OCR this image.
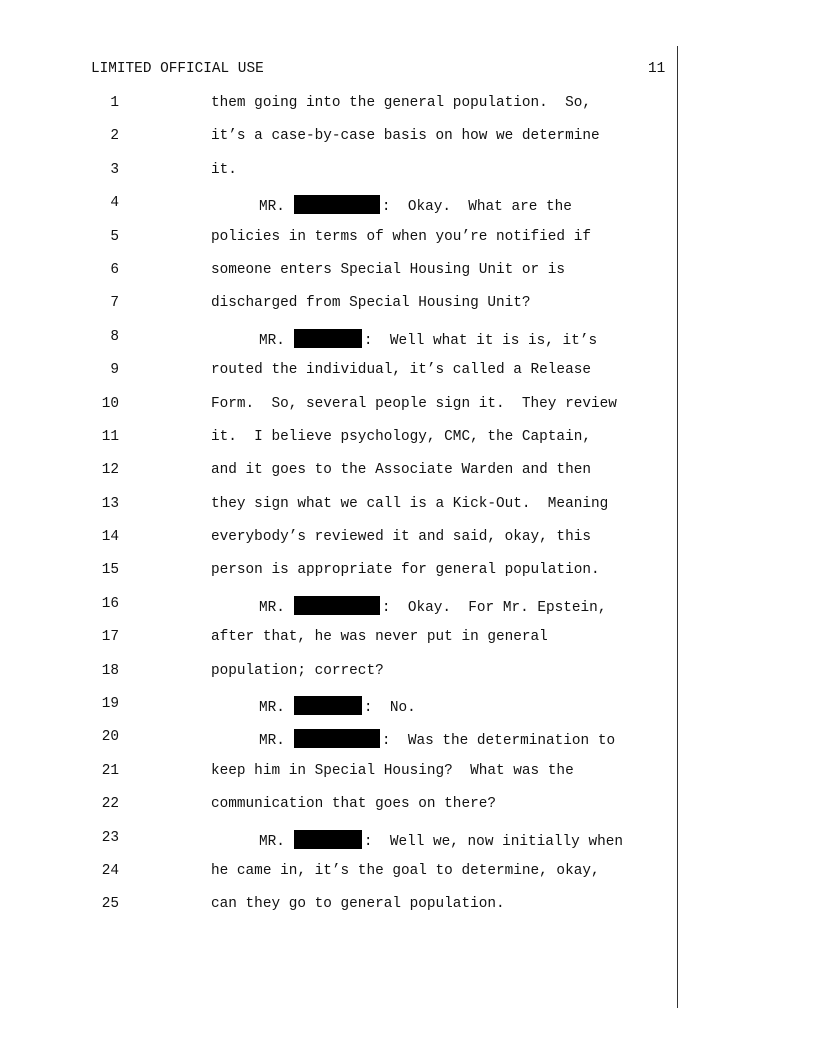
LIMITED OFFICIAL USE	11
1	them going into the general population.  So,
2	it’s a case-by-case basis on how we determine
3	it.
4	MR.	:  Okay.  What are the
5	policies in terms of when you’re notified if
6	someone enters Special Housing Unit or is
7	discharged from Special Housing Unit?
8	MR.	:  Well what it is is, it’s
9	routed the individual, it’s called a Release
10	Form.  So, several people sign it.  They review
11	it.  I believe psychology, CMC, the Captain,
12	and it goes to the Associate Warden and then
13	they sign what we call is a Kick-Out.  Meaning
14	everybody’s reviewed it and said, okay, this
15	person is appropriate for general population.
16	MR.	:  Okay.  For Mr. Epstein,
17	after that, he was never put in general
18	population; correct?
19	MR.	:  No.
20	MR.	:  Was the determination to
21	keep him in Special Housing?  What was the
22	communication that goes on there?
23	MR.	:  Well we, now initially when
24	he came in, it’s the goal to determine, okay,
25	can they go to general population.
